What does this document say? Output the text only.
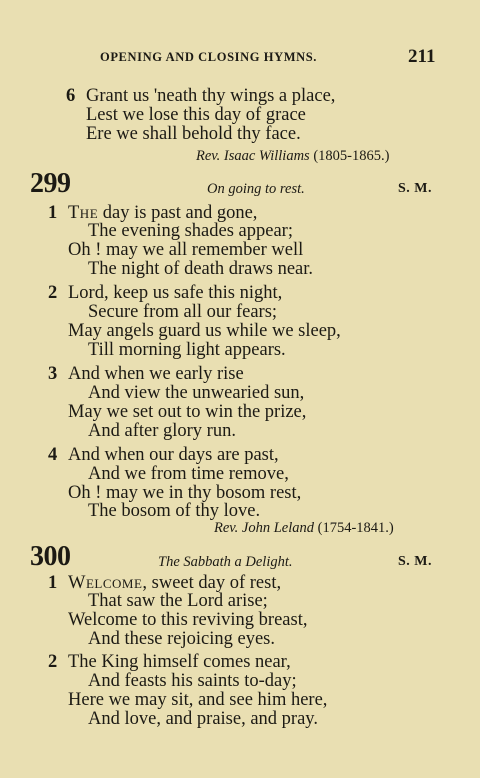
OPENING AND CLOSING HYMNS.	211
6 Grant us 'neath thy wings a place,
Lest we lose this day of grace
Ere we shall behold thy face.
Rev. Isaac Williams (1805-1865.)
299	On going to rest.	S. M.
1 The day is past and gone,
The evening shades appear;
Oh ! may we all remember well
The night of death draws near.
2 Lord, keep us safe this night,
Secure from all our fears;
May angels guard us while we sleep,
Till morning light appears.
3 And when we early rise
And view the unwearied sun,
May we set out to win the prize,
And after glory run.
4 And when our days are past,
And we from time remove,
Oh ! may we in thy bosom rest,
The bosom of thy love.
Rev. John Leland (1754-1841.)
300	The Sabbath a Delight.	S. M.
1 Welcome, sweet day of rest,
That saw the Lord arise;
Welcome to this reviving breast,
And these rejoicing eyes.
2 The King himself comes near,
And feasts his saints to-day;
Here we may sit, and see him here,
And love, and praise, and pray.
